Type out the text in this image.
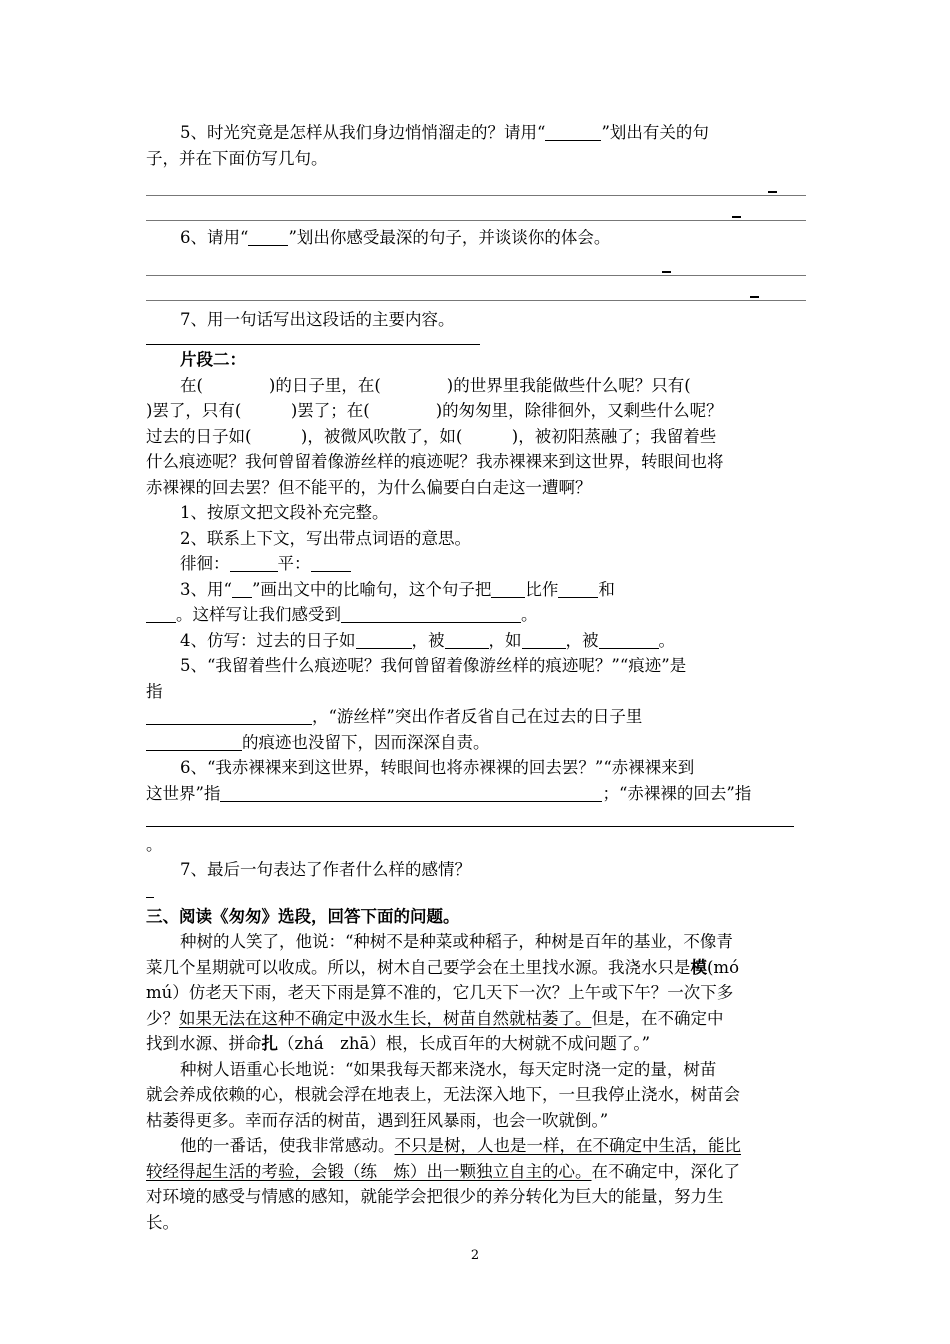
5、时光究竟是怎样从我们身边悄悄溜走的？请用“	”划出有关的句

子，并在下面仿写几句。

6、请用“ ”划出你感受最深的句子，并谈谈你的体会。

7、用一句话写出这段话的主要内容。

片段二：

在(　　　　)的日子里，在(　　　　)的世界里我能做些什么呢？只有(

)罢了，只有(　　　)罢了；在(　　　　)的匆匆里，除徘徊外，又剩些什么呢？

过去的日子如(　　　)，被微风吹散了，如(　　　)，被初阳蒸融了；我留着些

什么痕迹呢？我何曾留着像游丝样的痕迹呢？我赤裸裸来到这世界，转眼间也将

赤裸裸的回去罢？但不能平的，为什么偏要白白走这一遭啊？

1、按原文把文段补充完整。

2、联系上下文，写出带点词语的意思。

徘徊：	平：

3、用“ ”画出文中的比喻句，这个句子把 比作 和

。这样写让我们感受到	。

4、仿写：过去的日子如	，被	，如	，被	。

5、“我留着些什么痕迹呢？我何曾留着像游丝样的痕迹呢？”“痕迹”是

指

，“游丝样”突出作者反省自己在过去的日子里

的痕迹也没留下，因而深深自责。

6、“我赤裸裸来到这世界，转眼间也将赤裸裸的回去罢？”“赤裸裸来到

这世界”指	；“赤裸裸的回去”指

。

7、最后一句表达了作者什么样的感情？

三、阅读《匆匆》选段，回答下面的问题。

种树的人笑了，他说：“种树不是种菜或种稻子，种树是百年的基业，不像青

菜几个星期就可以收成。所以，树木自己要学会在土里找水源。我浇水只是模(mó

mú）仿老天下雨，老天下雨是算不准的，它几天下一次？上午或下午？一次下多

少？如果无法在这种不确定中汲水生长，树苗自然就枯萎了。但是，在不确定中

找到水源、拼命扎（zhá　zhā）根，长成百年的大树就不成问题了。”

种树人语重心长地说：“如果我每天都来浇水，每天定时浇一定的量，树苗

就会养成依赖的心，根就会浮在地表上，无法深入地下，一旦我停止浇水，树苗会

枯萎得更多。幸而存活的树苗，遇到狂风暴雨，也会一吹就倒。”

他的一番话，使我非常感动。不只是树，人也是一样，在不确定中生活，能比

较经得起生活的考验，会锻（练　炼）出一颗独立自主的心。在不确定中，深化了

对环境的感受与情感的感知，就能学会把很少的养分转化为巨大的能量，努力生

长。

2
